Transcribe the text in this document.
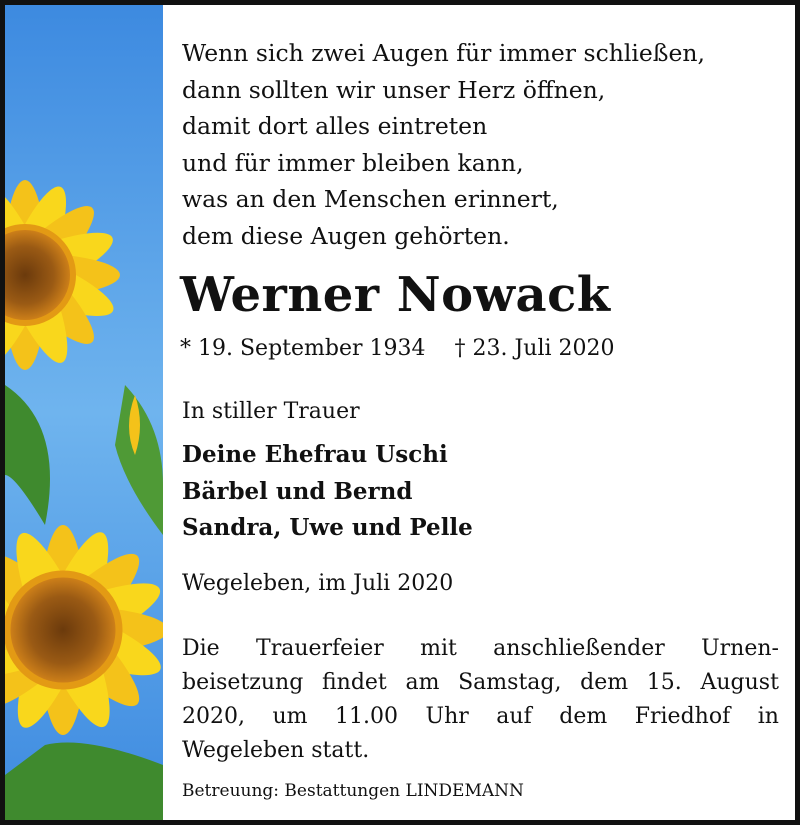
Wenn sich zwei Augen für immer schließen,
dann sollten wir unser Herz öffnen,
damit dort alles eintreten
und für immer bleiben kann,
was an den Menschen erinnert,
dem diese Augen gehörten.
Werner Nowack
* 19. September 1934 † 23. Juli 2020
In stiller Trauer
Deine Ehefrau Uschi
Bärbel und Bernd
Sandra, Uwe und Pelle
Wegeleben, im Juli 2020
Die Trauerfeier mit anschließender Urnen-
beisetzung findet am Samstag, dem 15. August
2020, um 11.00 Uhr auf dem Friedhof in
Wegeleben statt.
Betreuung: Bestattungen LINDEMANN
